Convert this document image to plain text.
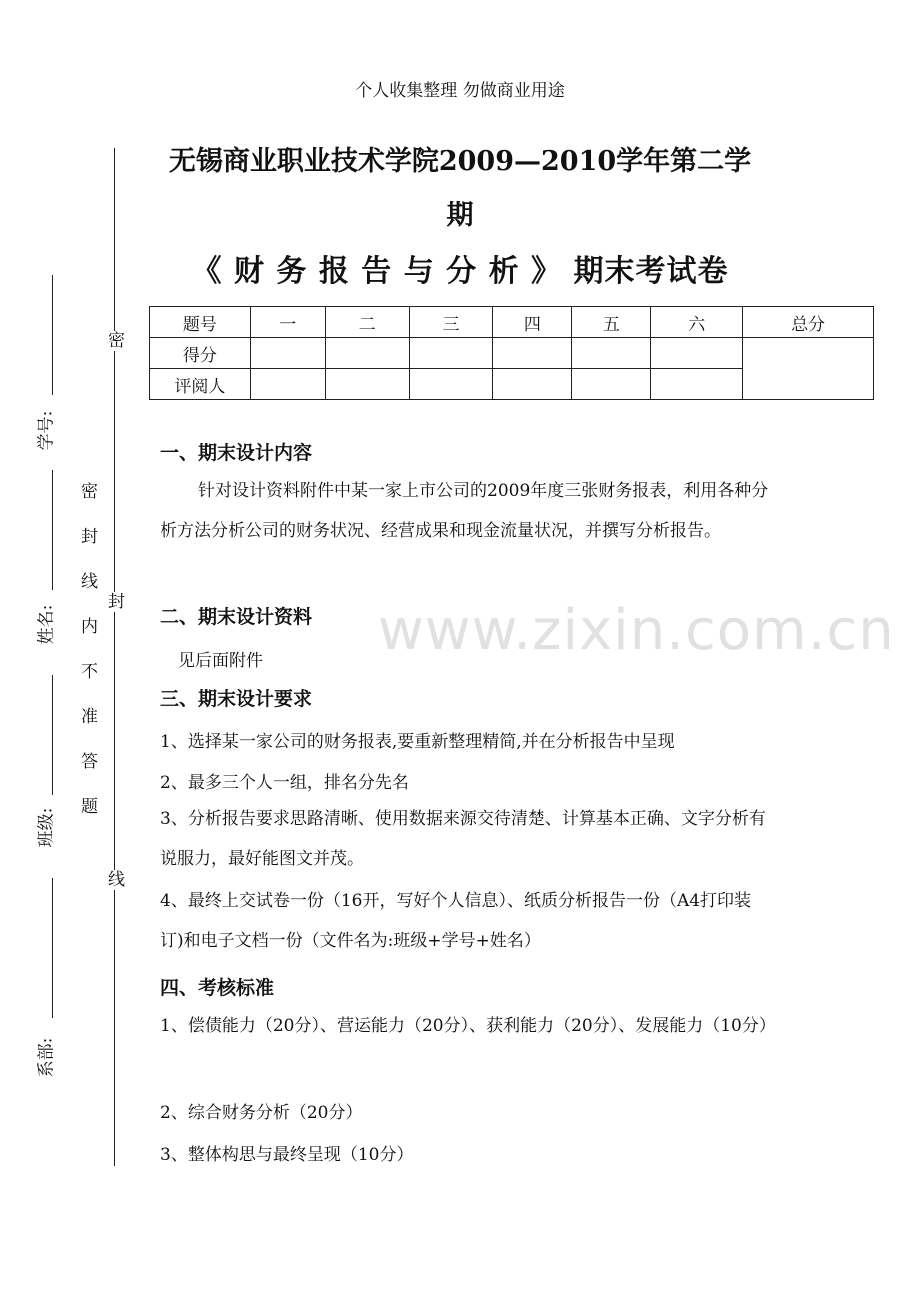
个人收集整理 勿做商业用途
无锡商业职业技术学院2009—2010学年第二学
期
《 财 务 报 告 与 分 析 》 期末考试卷
题号	一	二	三	四	五	六	总分
得分							
评阅人							
密
封
线
密
封
线
内
不
准
答
题
学号:
姓名:
班级:
系部:
www.zixin.com.cn
一、期末设计内容
针对设计资料附件中某一家上市公司的2009年度三张财务报表，利用各种分析方法分析公司的财务状况、经营成果和现金流量状况，并撰写分析报告。
二、期末设计资料
见后面附件
三、期末设计要求
1、选择某一家公司的财务报表,要重新整理精简,并在分析报告中呈现
2、最多三个人一组，排名分先名
3、分析报告要求思路清晰、使用数据来源交待清楚、计算基本正确、文字分析有说服力，最好能图文并茂。
4、最终上交试卷一份（16开，写好个人信息）、纸质分析报告一份（A4打印装订)和电子文档一份（文件名为:班级+学号+姓名）
四、考核标准
1、偿债能力（20分）、营运能力（20分）、获利能力（20分）、发展能力（10分）
2、综合财务分析（20分）
3、整体构思与最终呈现（10分）
